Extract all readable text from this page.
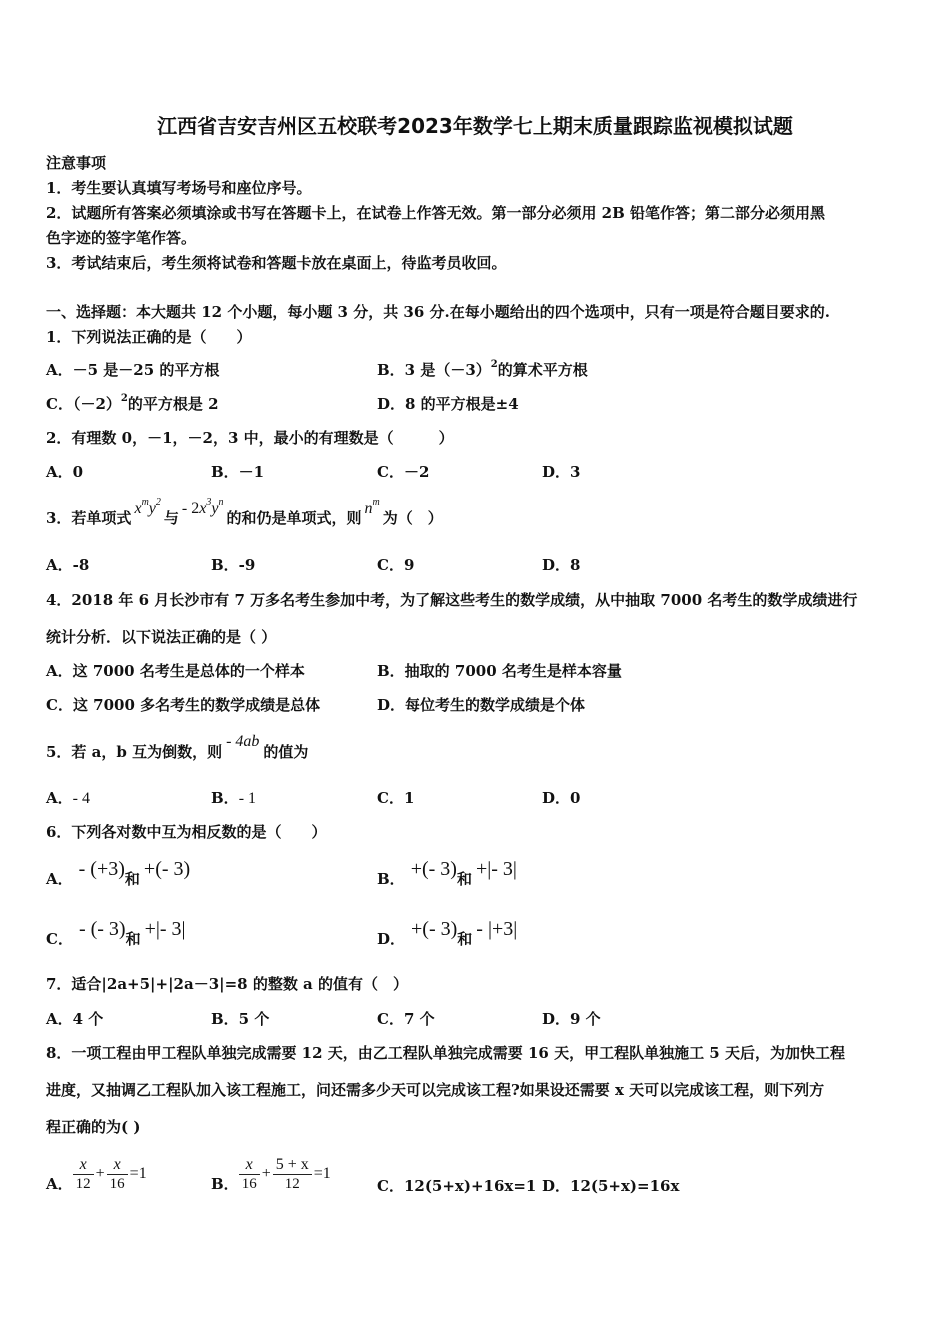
江西省吉安吉州区五校联考2023年数学七上期末质量跟踪监视模拟试题
注意事项
1．考生要认真填写考场号和座位序号。
2．试题所有答案必须填涂或书写在答题卡上，在试卷上作答无效。第一部分必须用 2B 铅笔作答；第二部分必须用黑
色字迹的签字笔作答。
3．考试结束后，考生须将试卷和答题卡放在桌面上，待监考员收回。
一、选择题：本大题共 12 个小题，每小题 3 分，共 36 分.在每小题给出的四个选项中，只有一项是符合题目要求的.
1．下列说法正确的是（　　）
A．－5 是－25 的平方根	B．3 是$(-3)^2$的算术平方根
C．$(-2)^2$的平方根是 2	D．8 的平方根是±4
2．有理数 0，－1，－2，3 中，最小的有理数是（　　　）
A．0	B．－1	C．－2	D．3
3．若单项式$x^my^2$与- $2x^3y^n$的和仍是单项式，则$n^m$为（　）
A．-8	B．-9	C．9	D．8
4．2018 年 6 月长沙市有 7 万多名考生参加中考，为了解这些考生的数学成绩，从中抽取 7000 名考生的数学成绩进行
统计分析．以下说法正确的是（ ）
A．这 7000 名考生是总体的一个样本	B．抽取的 7000 名考生是样本容量
C．这 7000 多名考生的数学成绩是总体	D．每位考生的数学成绩是个体
5．若 a，b 互为倒数，则- 4ab的值为
A．- 4	B．- 1	C．1	D．0
6．下列各对数中互为相反数的是（　　）
A． - (+3)和 +(- 3)	B． +(- 3)和 +|- 3|
C． - (- 3)和 +|- 3|	D． +(- 3)和 - |+3|
7．适合|2a+5|+|2a－3|=8 的整数 a 的值有（　）
A．4 个	B．5 个	C．7 个	D．9 个
8．一项工程由甲工程队单独完成需要 12 天，由乙工程队单独完成需要 16 天，甲工程队单独施工 5 天后，为加快工程
进度，又抽调乙工程队加入该工程施工，问还需多少天可以完成该工程?如果设还需要 x 天可以完成该工程，则下列方
程正确的为( )
A． $\frac{x}{12} + \frac{x}{16} =1$
B． $\frac{x}{16} + \frac{5 + x}{12} =1$
C．12(5+x)+16x=1 D．12(5+x)=16x
